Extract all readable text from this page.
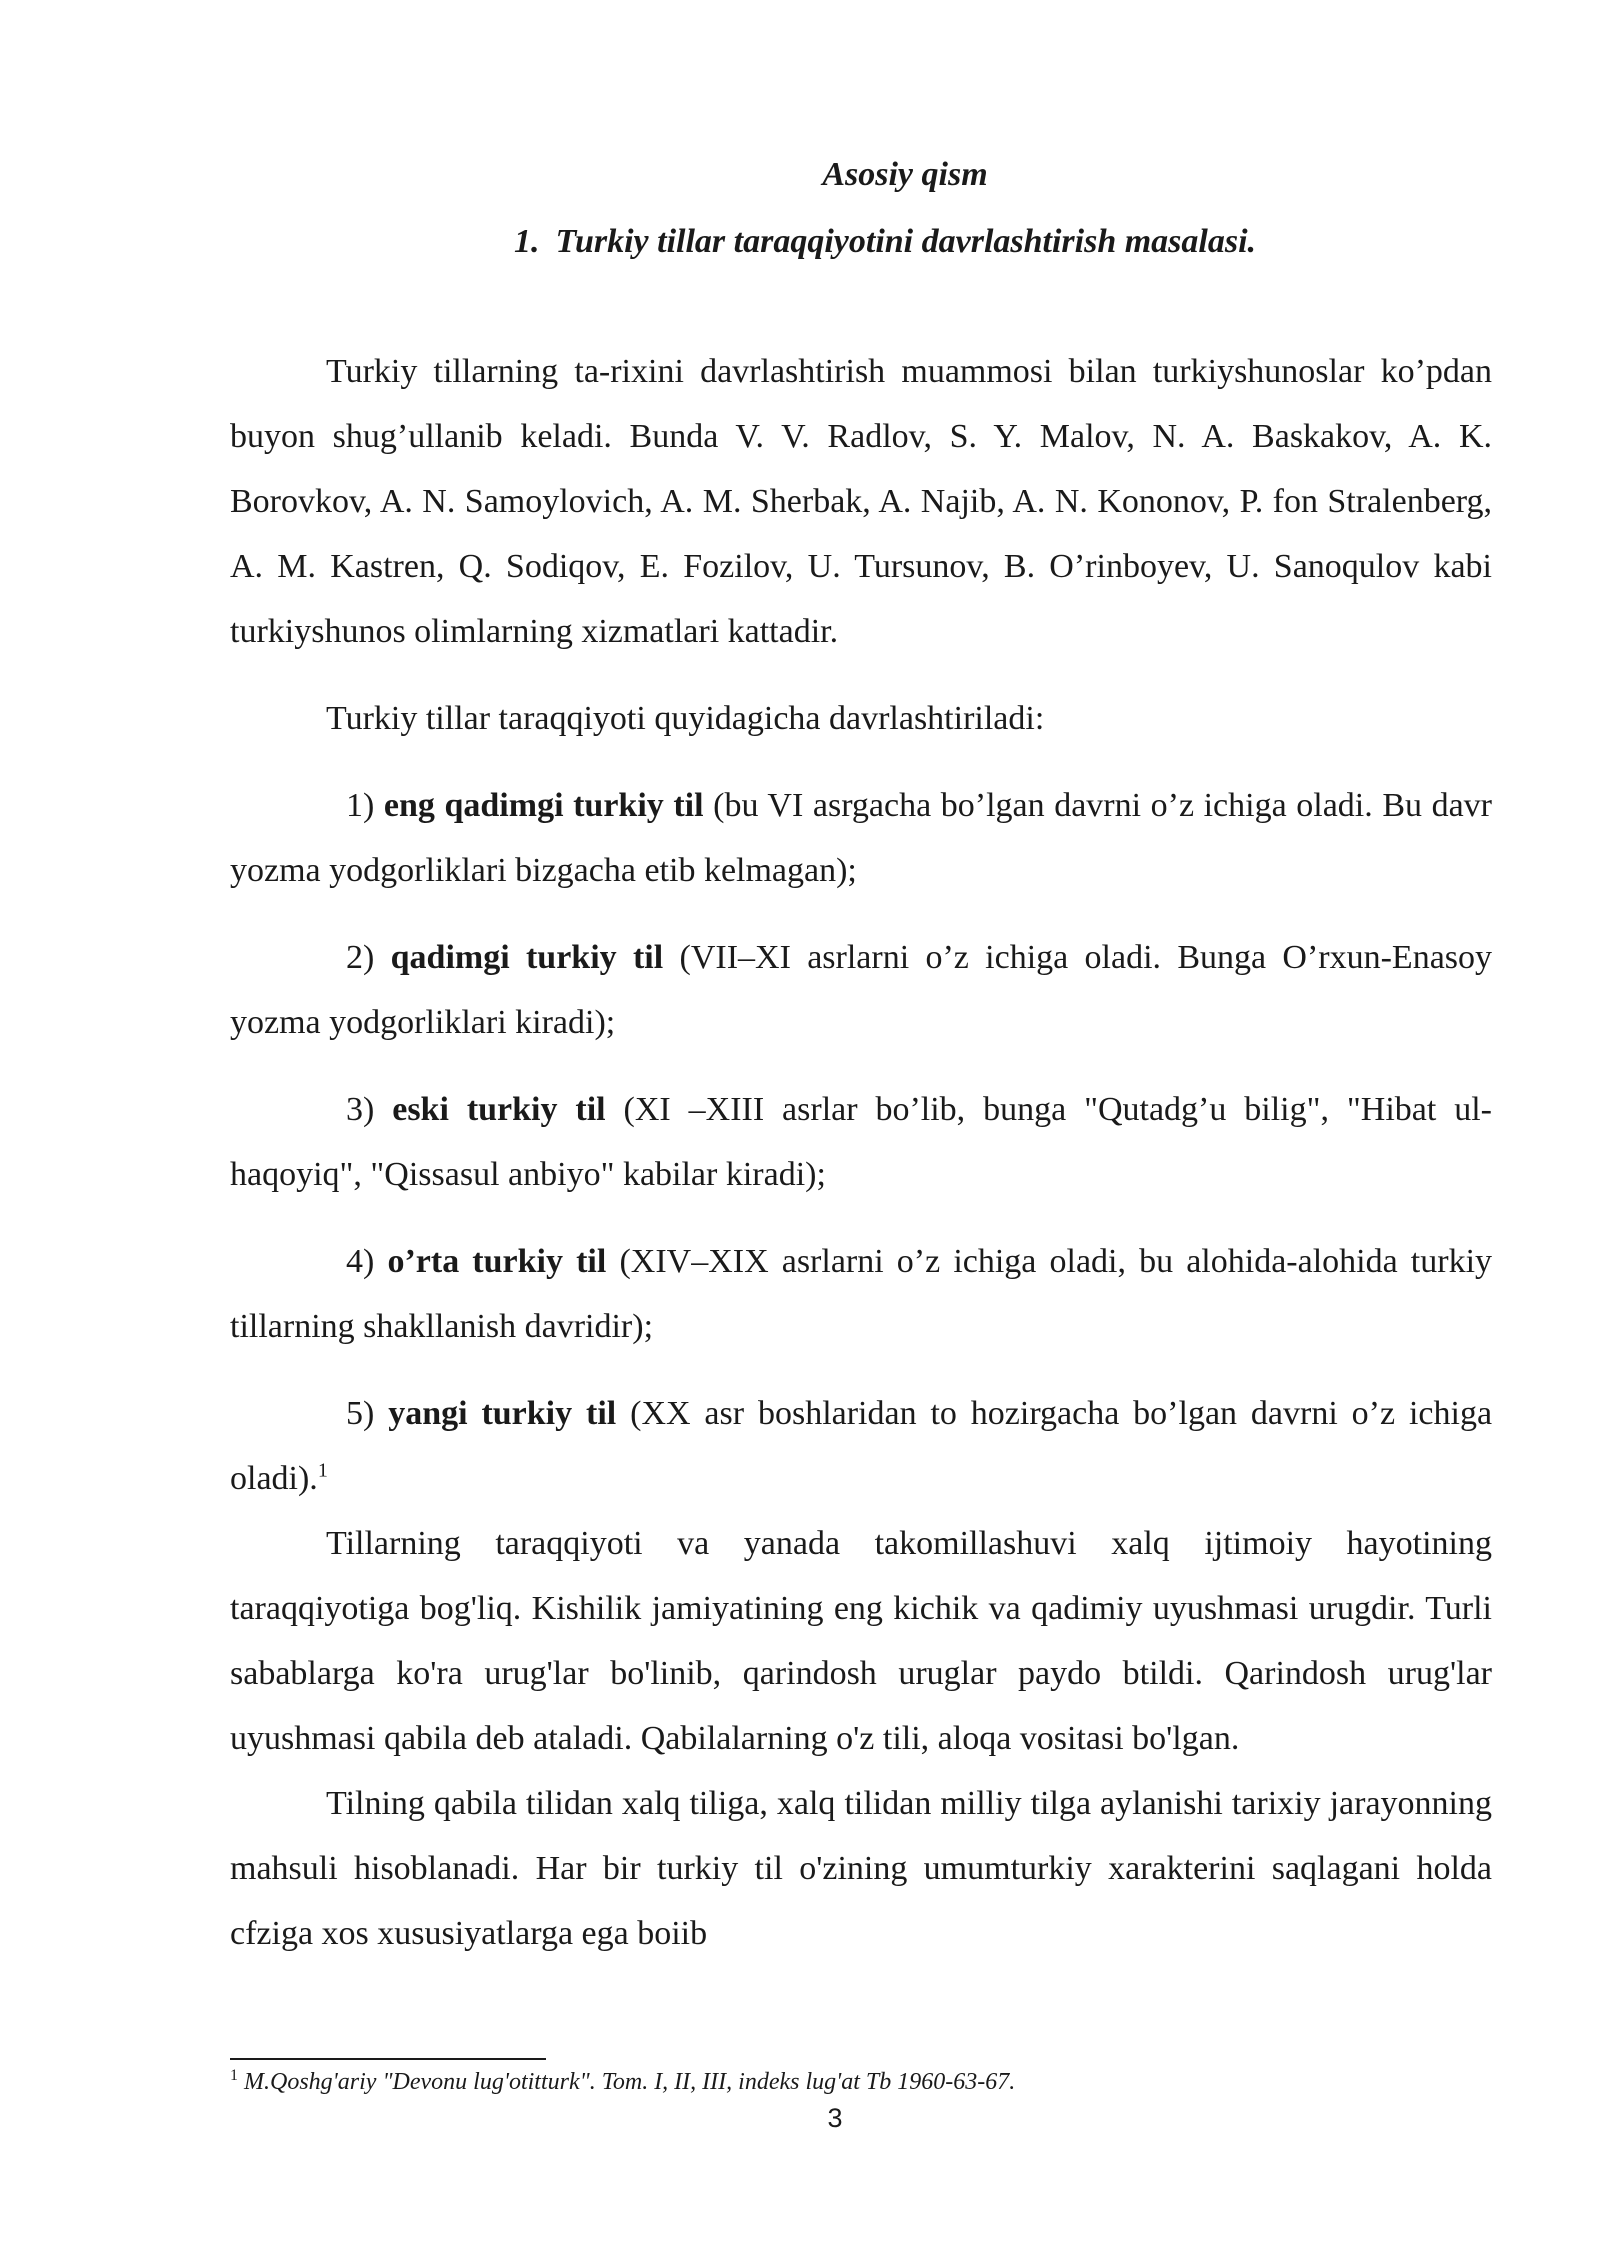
Asosiy qism
1. Turkiy tillar taraqqiyotini davrlashtirish masalasi.

Turkiy tillarning ta-rixini davrlashtirish muammosi bilan turkiyshunoslar ko’pdan buyon shug’ullanib keladi. Bunda V. V. Radlov, S. Y. Malov, N. A. Baskakov, A. K. Borovkov, A. N. Samoylovich, A. M. Sherbak, A. Najib, A. N. Kononov, P. fon Stralenberg, A. M. Kastren, Q. Sodiqov, E. Fozilov, U. Tursunov, B. O’rinboyev, U. Sanoqulov kabi turkiyshunos olimlarning xizmatlari kattadir.

Turkiy tillar taraqqiyoti quyidagicha davrlashtiriladi:

1) eng qadimgi turkiy til (bu VI asrgacha bo’lgan davrni o’z ichiga oladi. Bu davr yozma yodgorliklari bizgacha etib kelmagan);

2) qadimgi turkiy til (VII–XI asrlarni o’z ichiga oladi. Bunga O’rxun-Enasoy yozma yodgorliklari kiradi);

3) eski turkiy til (XI –XIII asrlar bo’lib, bunga "Qutadg’u bilig", "Hibat ul-haqoyiq", "Qissasul anbiyo" kabilar kiradi);

4) o’rta turkiy til (XIV–XIX asrlarni o’z ichiga oladi, bu alohida-alohida turkiy tillarning shakllanish davridir);

5) yangi turkiy til (XX asr boshlaridan to hozirgacha bo’lgan davrni o’z ichiga oladi).$^1$

Tillarning taraqqiyoti va yanada takomillashuvi xalq ijtimoiy hayotining taraqqiyotiga bog'liq. Kishilik jamiyatining eng kichik va qadimiy uyushmasi urugdir. Turli sabablarga ko'ra urug'lar bo'linib, qarindosh uruglar paydo btildi. Qarindosh urug'lar uyushmasi qabila deb ataladi. Qabilalarning o'z tili, aloqa vositasi bo'lgan.

Tilning qabila tilidan xalq tiliga, xalq tilidan milliy tilga aylanishi tarixiy jarayonning mahsuli hisoblanadi. Har bir turkiy til o'zining umumturkiy xarakterini saqlagani holda cfziga xos xususiyatlarga ega boiib

$^1$ M.Qoshg'ariy "Devonu lug'otitturk". Tom. I, II, III, indeks lug'at Tb 1960-63-67.
3
